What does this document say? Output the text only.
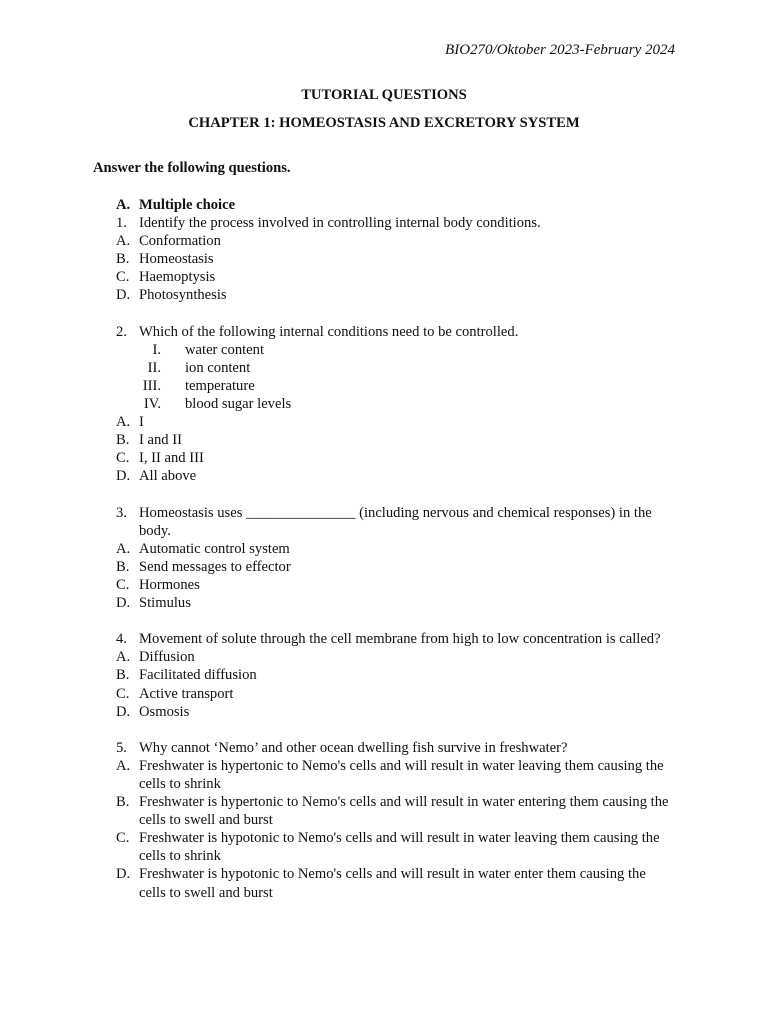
BIO270/Oktober 2023-February 2024
TUTORIAL QUESTIONS
CHAPTER 1: HOMEOSTASIS AND EXCRETORY SYSTEM
Answer the following questions.
A. Multiple choice
1. Identify the process involved in controlling internal body conditions.
A. Conformation
B. Homeostasis
C. Haemoptysis
D. Photosynthesis
2. Which of the following internal conditions need to be controlled.
I. water content
II. ion content
III. temperature
IV. blood sugar levels
A. I
B. I and II
C. I, II and III
D. All above
3. Homeostasis uses _______________ (including nervous and chemical responses) in the body.
A. Automatic control system
B. Send messages to effector
C. Hormones
D. Stimulus
4. Movement of solute through the cell membrane from high to low concentration is called?
A. Diffusion
B. Facilitated diffusion
C. Active transport
D. Osmosis
5. Why cannot ‘Nemo’ and other ocean dwelling fish survive in freshwater?
A. Freshwater is hypertonic to Nemo's cells and will result in water leaving them causing the cells to shrink
B. Freshwater is hypertonic to Nemo's cells and will result in water entering them causing the cells to swell and burst
C. Freshwater is hypotonic to Nemo's cells and will result in water leaving them causing the cells to shrink
D. Freshwater is hypotonic to Nemo's cells and will result in water enter them causing the cells to swell and burst
